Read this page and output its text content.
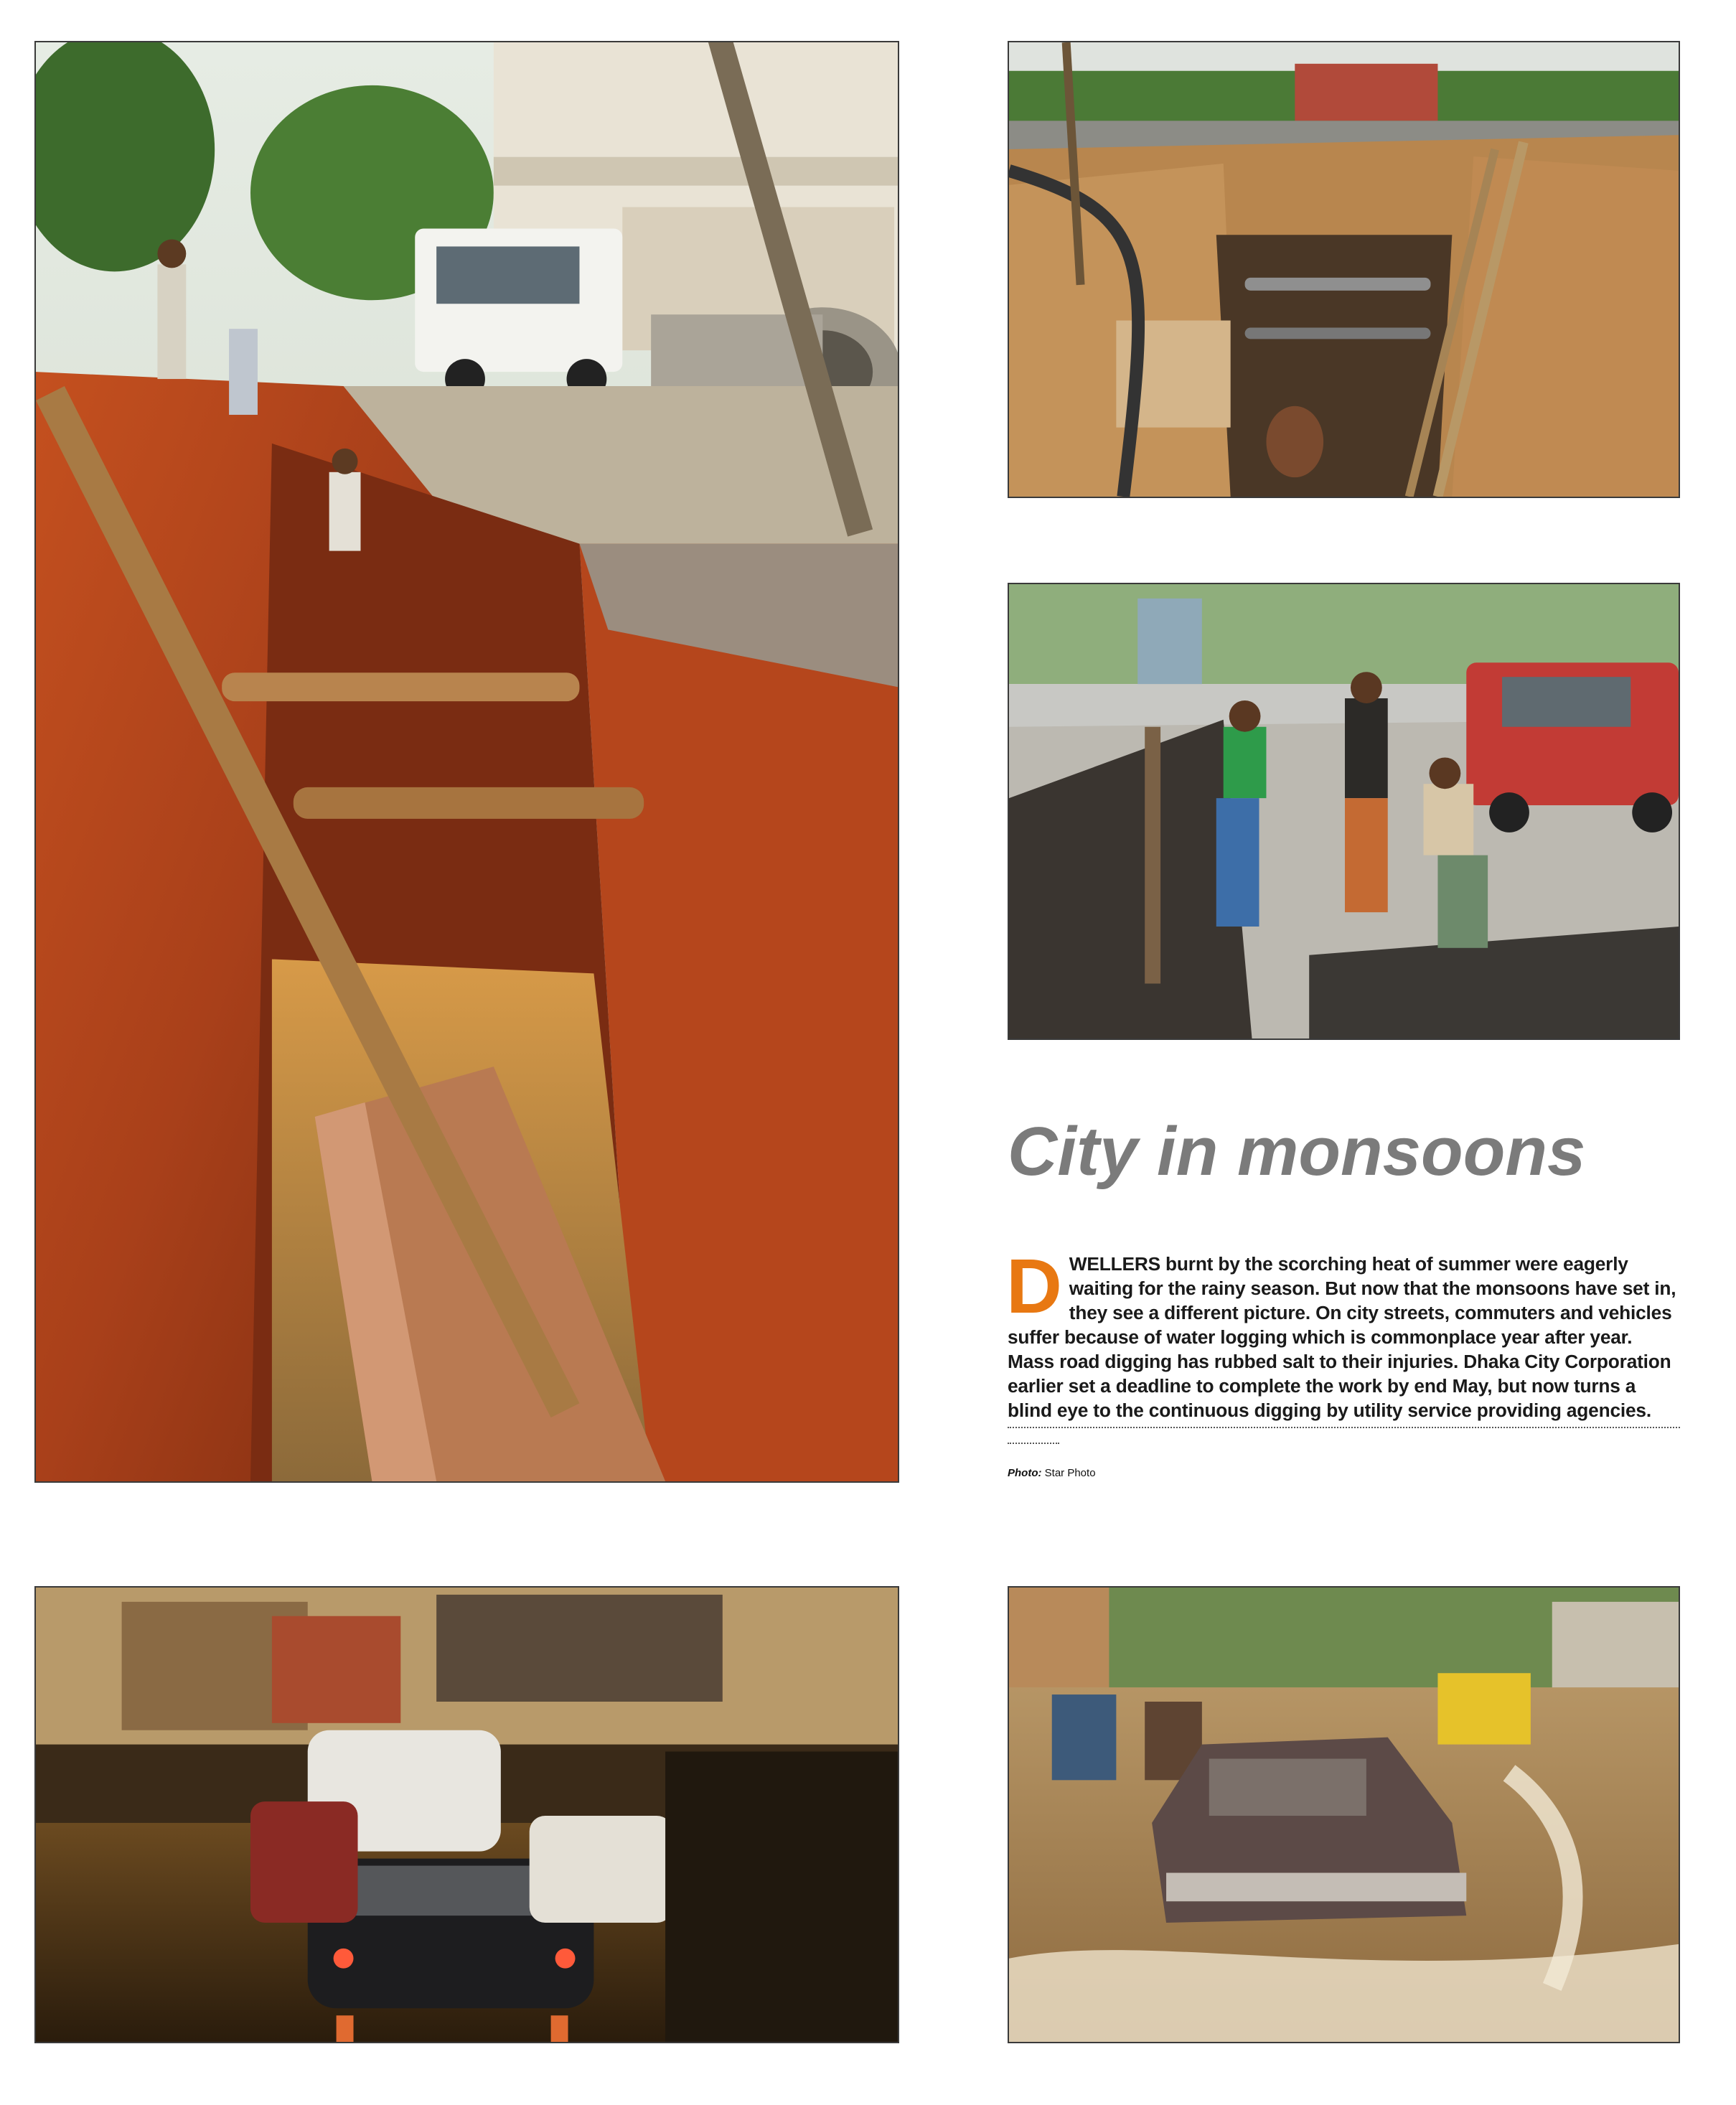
City in monsoons

DWELLERS burnt by the scorching heat of summer were eagerly waiting for the rainy season. But now that the monsoons have set in, they see a different picture. On city streets, commuters and vehicles suffer because of water logging which is commonplace year after year. Mass road digging has rubbed salt to their injuries. Dhaka City Corporation earlier set a deadline to complete the work by end May, but now turns a blind eye to the continuous digging by utility service providing agencies.

Photo: Star Photo
